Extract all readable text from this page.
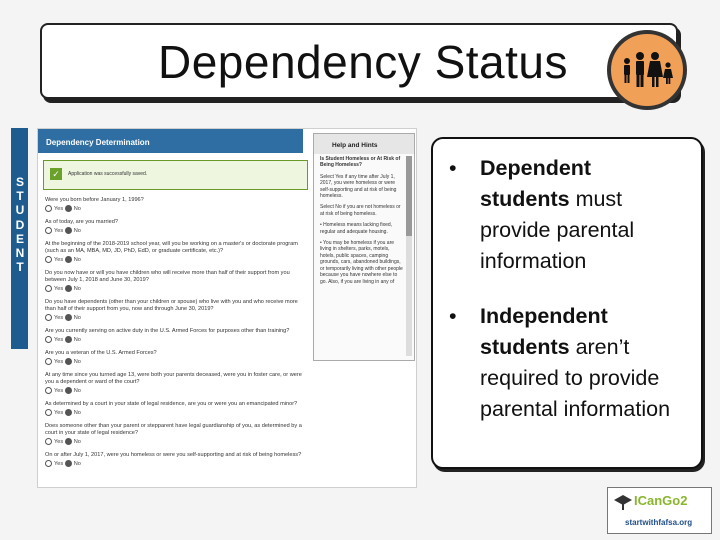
Dependency Status
S
T
U
D
E
N
T
Dependency Determination
✓	Application was successfully saved.
Were you born before January 1, 1996?
Yes No
As of today, are you married?
Yes No
At the beginning of the 2018-2019 school year, will you be working on a master's or doctorate program (such as an MA, MBA, MD, JD, PhD, EdD, or graduate certificate, etc.)?
Yes No
Do you now have or will you have children who will receive more than half of their support from you between July 1, 2018 and June 30, 2019?
Yes No
Do you have dependents (other than your children or spouse) who live with you and who receive more than half of their support from you, now and through June 30, 2019?
Yes No
Are you currently serving on active duty in the U.S. Armed Forces for purposes other than training?
Yes No
Are you a veteran of the U.S. Armed Forces?
Yes No
At any time since you turned age 13, were both your parents deceased, were you in foster care, or were you a dependent or ward of the court?
Yes No
As determined by a court in your state of legal residence, are you or were you an emancipated minor?
Yes No
Does someone other than your parent or stepparent have legal guardianship of you, as determined by a court in your state of legal residence?
Yes No
On or after July 1, 2017, were you homeless or were you self-supporting and at risk of being homeless?
Yes No
Help and Hints

Is Student Homeless or At Risk of Being Homeless?

Select Yes if any time after July 1, 2017, you were homeless or were self-supporting and at risk of being homeless.

Select No if you are not homeless or at risk of being homeless.

• Homeless means lacking fixed, regular and adequate housing.

• You may be homeless if you are living in shelters, parks, motels, hotels, public spaces, camping grounds, cars, abandoned buildings, or temporarily living with other people because you have nowhere else to go. Also, if you are living in any of

• Dependent students must provide parental information
• Independent students aren’t required to provide parental information
ICanGo2
startwithfafsa.org
